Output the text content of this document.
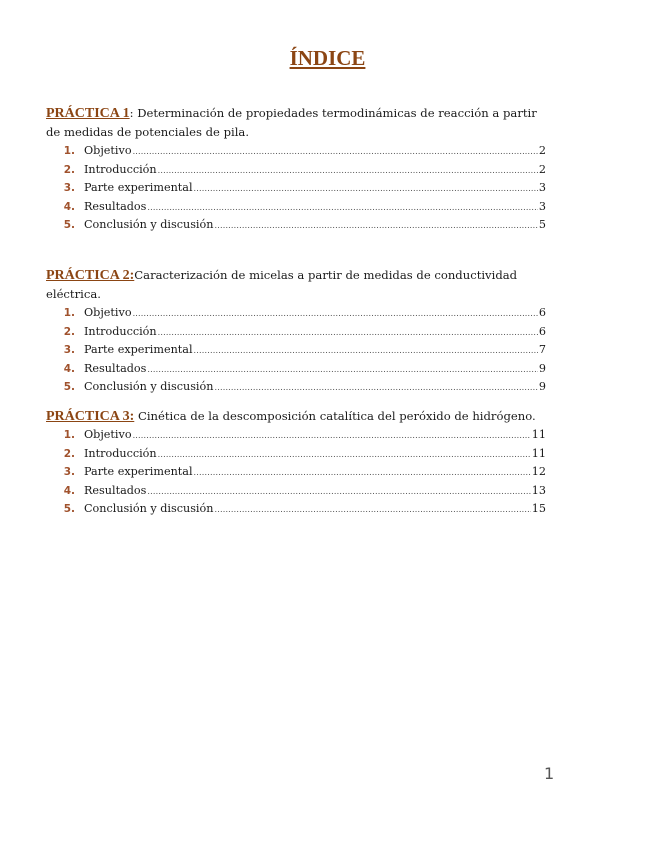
ÍNDICE
PRÁCTICA 1: Determinación de propiedades termodinámicas de reacción a partir de medidas de potenciales de pila.
1. Objetivo .....	2
2. Introducción .....	2
3. Parte experimental .....	3
4. Resultados .....	3
5. Conclusión y discusión .....	5
PRÁCTICA 2:Caracterización de micelas a partir de medidas de conductividad eléctrica.
1. Objetivo .....	6
2. Introducción .....	6
3. Parte experimental .....	7
4. Resultados .....	9
5. Conclusión y discusión .....	9
PRÁCTICA 3: Cinética de la descomposición catalítica del peróxido de hidrógeno.
1. Objetivo .....	11
2. Introducción .....	11
3. Parte experimental .....	12
4. Resultados .....	13
5. Conclusión y discusión .....	15
1
